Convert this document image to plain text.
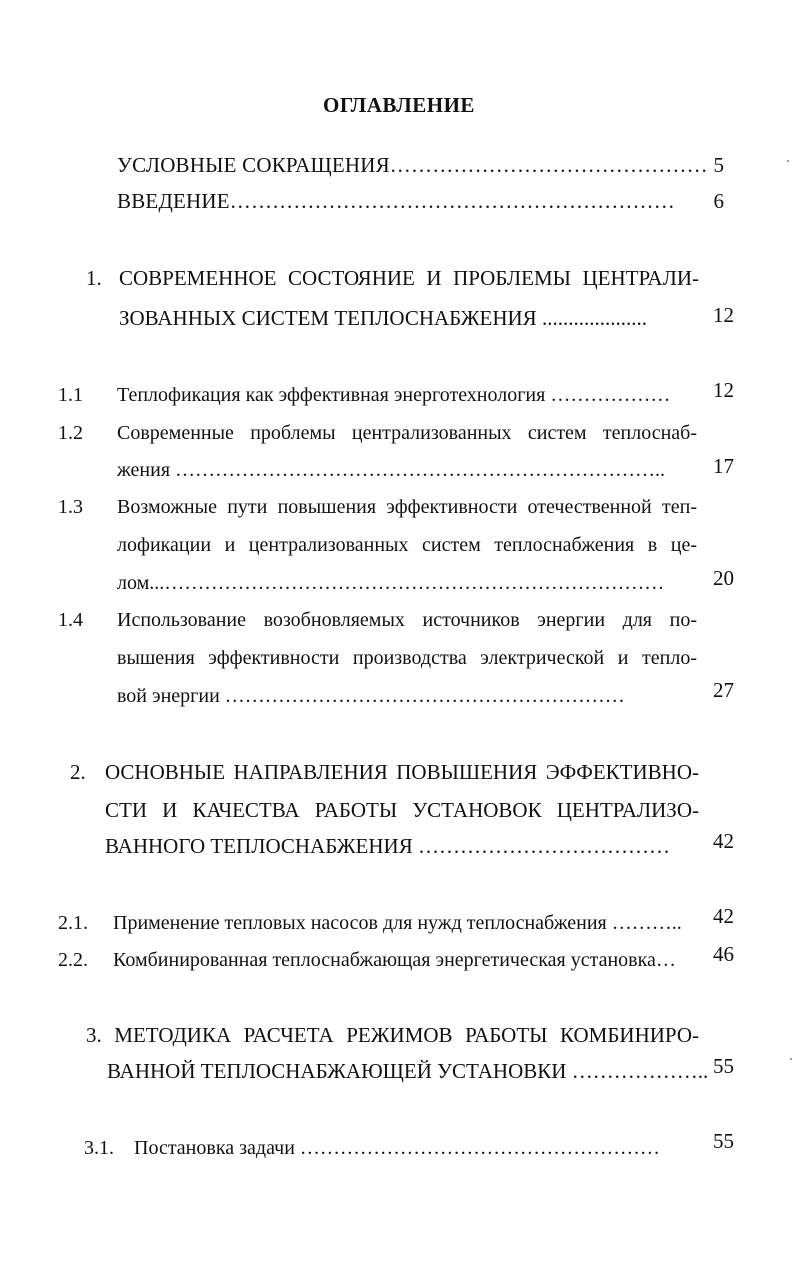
ОГЛАВЛЕНИЕ
УСЛОВНЫЕ СОКРАЩЕНИЯ……………………………………… 5
ВВЕДЕНИЕ………………………………………………………	6
1. СОВРЕМЕННОЕ СОСТОЯНИЕ И ПРОБЛЕМЫ ЦЕНТРАЛИ-
ЗОВАННЫХ СИСТЕМ ТЕПЛОСНАБЖЕНИЯ ....................	12
1.1 Теплофикация как эффективная энерготехнология ………………	12
1.2 Современные проблемы централизованных систем теплоснаб-
жения ………………………………………………………………..	17
1.3 Возможные пути повышения эффективности отечественной теп-
лофикации и централизованных систем теплоснабжения в це-
лом...…………………………………………………………………	20
1.4 Использование возобновляемых источников энергии для по-
вышения эффективности производства электрической и тепло-
вой энергии ……………………………………………………	27
2. ОСНОВНЫЕ НАПРАВЛЕНИЯ ПОВЫШЕНИЯ ЭФФЕКТИВНО-
СТИ И КАЧЕСТВА РАБОТЫ УСТАНОВОК ЦЕНТРАЛИЗО-
ВАННОГО ТЕПЛОСНАБЖЕНИЯ ………………………………	42
2.1. Применение тепловых насосов для нужд теплоснабжения ………..	42
2.2. Комбинированная теплоснабжающая энергетическая установка…	46
3. МЕТОДИКА РАСЧЕТА РЕЖИМОВ РАБОТЫ КОМБИНИРО-
ВАННОЙ ТЕПЛОСНАБЖАЮЩЕЙ УСТАНОВКИ ……………….. 55
3.1. Постановка задачи ………………………………………………	55
